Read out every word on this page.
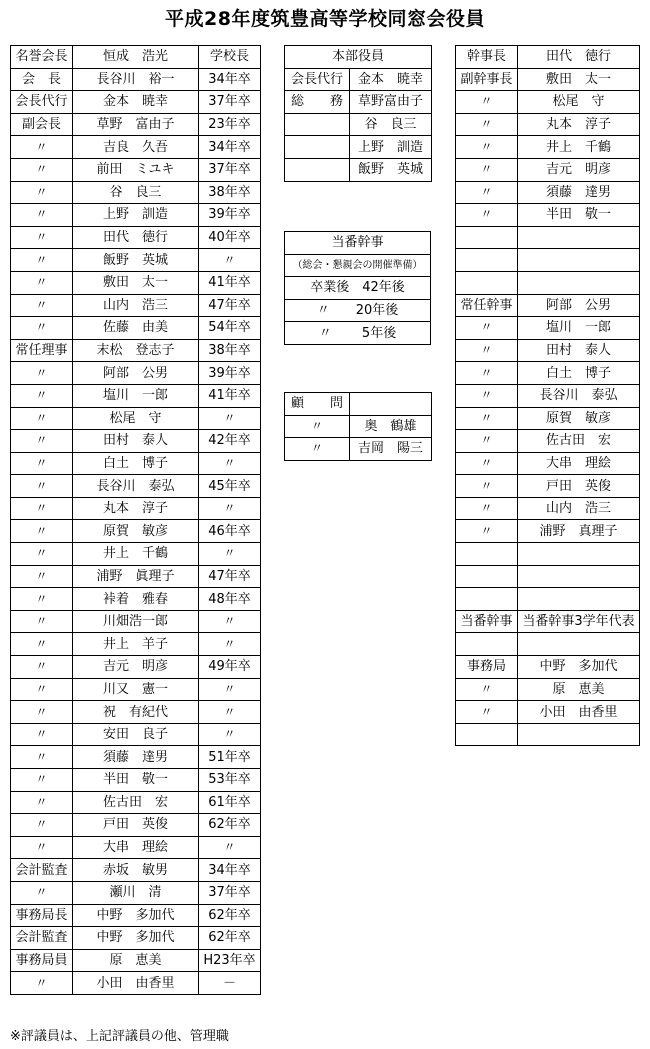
平成28年度筑豊高等学校同窓会役員
名誉会長	恒成　浩光	学校長
会　長	長谷川　裕一	34年卒
会長代行	金本　暁幸	37年卒
副会長	草野　富由子	23年卒
〃	吉良　久吾	34年卒
〃	前田　ミユキ	37年卒
〃	谷　良三	38年卒
〃	上野　訓造	39年卒
〃	田代　徳行	40年卒
〃	飯野　英城	〃
〃	敷田　太一	41年卒
〃	山内　浩三	47年卒
〃	佐藤　由美	54年卒
常任理事	末松　登志子	38年卒
〃	阿部　公男	39年卒
〃	塩川　一郎	41年卒
〃	松尾　守	〃
〃	田村　泰人	42年卒
〃	白土　博子	〃
〃	長谷川　泰弘	45年卒
〃	丸本　淳子	〃
〃	原賀　敏彦	46年卒
〃	井上　千鶴	〃
〃	浦野　眞理子	47年卒
〃	裃着　雅春	48年卒
〃	川畑浩一郎	〃
〃	井上　羊子	〃
〃	吉元　明彦	49年卒
〃	川又　憲一	〃
〃	祝　有紀代	〃
〃	安田　良子	〃
〃	須藤　達男	51年卒
〃	半田　敬一	53年卒
〃	佐古田　宏	61年卒
〃	戸田　英俊	62年卒
〃	大串　理絵	〃
会計監査	赤坂　敏男	34年卒
〃	瀬川　清	37年卒
事務局長	中野　多加代	62年卒
会計監査	中野　多加代	62年卒
事務局員	原　恵美	H23年卒
〃	小田　由香里	－
本部役員	
会長代行	金本　暁幸
総　　務	草野富由子
	谷　良三
	上野　訓造
	飯野　英城
当番幹事
（総会・懇親会の開催準備）
卒業後　42年後
〃　　20年後
〃　　 5年後
顧　　問	
〃	奥　鶴雄
〃	吉岡　陽三
幹事長	田代　徳行
副幹事長	敷田　太一
〃	松尾　守
〃	丸本　淳子
〃	井上　千鶴
〃	吉元　明彦
〃	須藤　達男
〃	半田　敬一

常任幹事	阿部　公男
〃	塩川　一郎
〃	田村　泰人
〃	白土　博子
〃	長谷川　泰弘
〃	原賀　敏彦
〃	佐古田　宏
〃	大串　理絵
〃	戸田　英俊
〃	山内　浩三
〃	浦野　真理子

当番幹事	当番幹事3学年代表

事務局	中野　多加代
〃	原　恵美
〃	小田　由香里

※評議員は、上記評議員の他、管理職
